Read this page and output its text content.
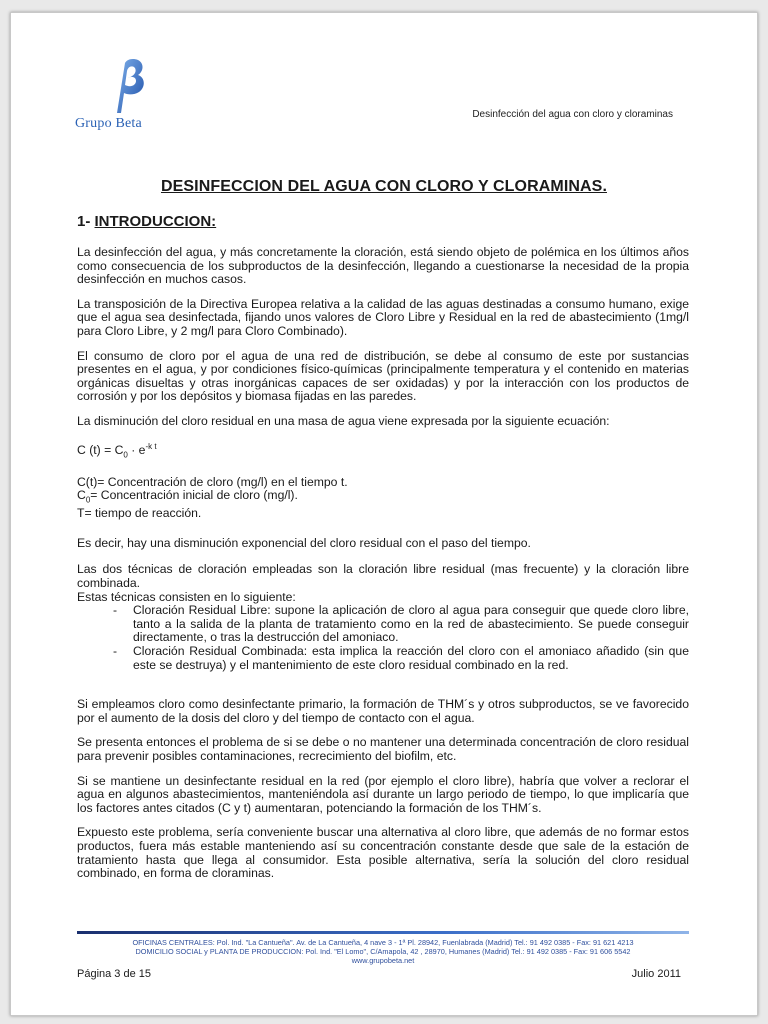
Grupo Beta
Desinfección del agua con cloro y cloraminas
DESINFECCION DEL AGUA CON CLORO Y CLORAMINAS.
1- INTRODUCCION:

La desinfección del agua, y más concretamente la cloración, está siendo objeto de polémica en los últimos años como consecuencia de los subproductos de la desinfección, llegando a cuestionarse la necesidad de la propia desinfección en muchos casos.

La transposición de la Directiva Europea relativa a la calidad de las aguas destinadas a consumo humano, exige que el agua sea desinfectada, fijando unos valores de Cloro Libre y Residual en la red de abastecimiento (1mg/l para Cloro Libre, y 2 mg/l para Cloro Combinado).

El consumo de cloro por el agua de una red de distribución, se debe al consumo de este por sustancias presentes en el agua, y por condiciones físico-químicas (principalmente temperatura y el contenido en materias orgánicas disueltas y otras inorgánicas capaces de ser oxidadas) y por la interacción con los productos de corrosión y por los depósitos y biomasa fijadas en las paredes.

La disminución del cloro residual en una masa de agua viene expresada por la siguiente ecuación:

C $(t) = C_0 \cdot e^{-k t}$

C(t)= Concentración de cloro (mg/l) en el tiempo t.

$C_0=$ Concentración inicial de cloro (mg/l).

T= tiempo de reacción.

Es decir, hay una disminución exponencial del cloro residual con el paso del tiempo.

Las dos técnicas de cloración empleadas son la cloración libre residual (mas frecuente) y la cloración libre combinada.

Estas técnicas consisten en lo siguiente:

- Cloración Residual Libre: supone la aplicación de cloro al agua para conseguir que quede cloro libre, tanto a la salida de la planta de tratamiento como en la red de abastecimiento. Se puede conseguir directamente, o tras la destrucción del amoniaco.
- Cloración Residual Combinada: esta implica la reacción del cloro con el amoniaco añadido (sin que este se destruya) y el mantenimiento de este cloro residual combinado en la red.

Si empleamos cloro como desinfectante primario, la formación de THM´s y otros subproductos, se ve favorecido por el aumento de la dosis del cloro y del tiempo de contacto con el agua.

Se presenta entonces el problema de si se debe o no mantener una determinada concentración de cloro residual para prevenir posibles contaminaciones, recrecimiento del biofilm, etc.

Si se mantiene un desinfectante residual en la red (por ejemplo el cloro libre), habría que volver a reclorar el agua en algunos abastecimientos, manteniéndola así durante un largo periodo de tiempo, lo que implicaría que los factores antes citados (C y t) aumentaran, potenciando la formación de los THM´s.

Expuesto este problema, sería conveniente buscar una alternativa al cloro libre, que además de no formar estos productos, fuera más estable manteniendo así su concentración constante desde que sale de la estación de tratamiento hasta que llega al consumidor. Esta posible alternativa, sería la solución del cloro residual combinado, en forma de cloraminas.

OFICINAS CENTRALES: Pol. Ind. "La Cantueña". Av. de La Cantueña, 4 nave 3 - 1ª Pl. 28942, Fuenlabrada (Madrid) Tel.: 91 492 0385 - Fax: 91 621 4213
DOMICILIO SOCIAL y PLANTA DE PRODUCCION: Pol. Ind. "El Lomo", C/Amapola, 42 , 28970, Humanes (Madrid) Tel.: 91 492 0385 - Fax: 91 606 5542
www.grupobeta.net
Página 3 de 15	Julio 2011
